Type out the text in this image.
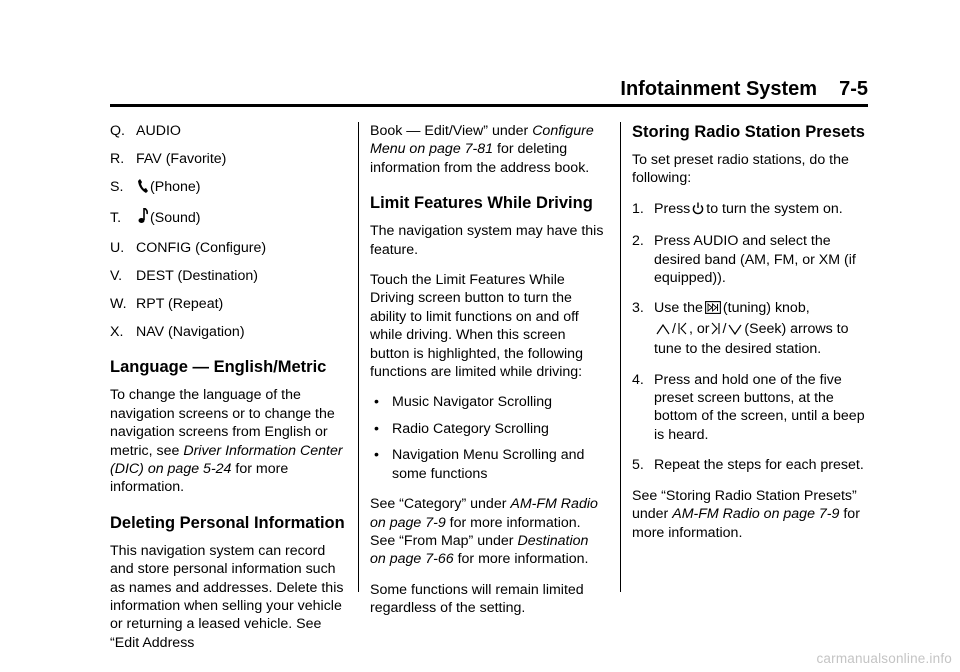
Infotainment System 7-5
Q. AUDIO
R. FAV (Favorite)
S. (Phone)
T. (Sound)
U. CONFIG (Configure)
V. DEST (Destination)
W. RPT (Repeat)
X. NAV (Navigation)
Language — English/Metric

To change the language of the navigation screens or to change the navigation screens from English or metric, see Driver Information Center (DIC) on page 5‑24 for more information.

Deleting Personal Information

This navigation system can record and store personal information such as names and addresses. Delete this information when selling your vehicle or returning a leased vehicle. See “Edit Address

Book — Edit/View” under Configure Menu on page 7‑81 for deleting information from the address book.

Limit Features While Driving

The navigation system may have this feature.

Touch the Limit Features While Driving screen button to turn the ability to limit functions on and off while driving. When this screen button is highlighted, the following functions are limited while driving:

• Music Navigator Scrolling
• Radio Category Scrolling
• Navigation Menu Scrolling and some functions

See “Category” under AM‑FM Radio on page 7‑9 for more information. See “From Map” under Destination on page 7‑66 for more information.

Some functions will remain limited regardless of the setting.

Storing Radio Station Presets

To set preset radio stations, do the following:

1. Press to turn the system on.
2. Press AUDIO and select the desired band (AM, FM, or XM (if equipped)).
3. Use the (tuning) knob,
/ , or / (Seek) arrows to tune to the desired station.
4. Press and hold one of the five preset screen buttons, at the bottom of the screen, until a beep is heard.
5. Repeat the steps for each preset.

See “Storing Radio Station Presets” under AM‑FM Radio on page 7‑9 for more information.

carmanualsonline.info
